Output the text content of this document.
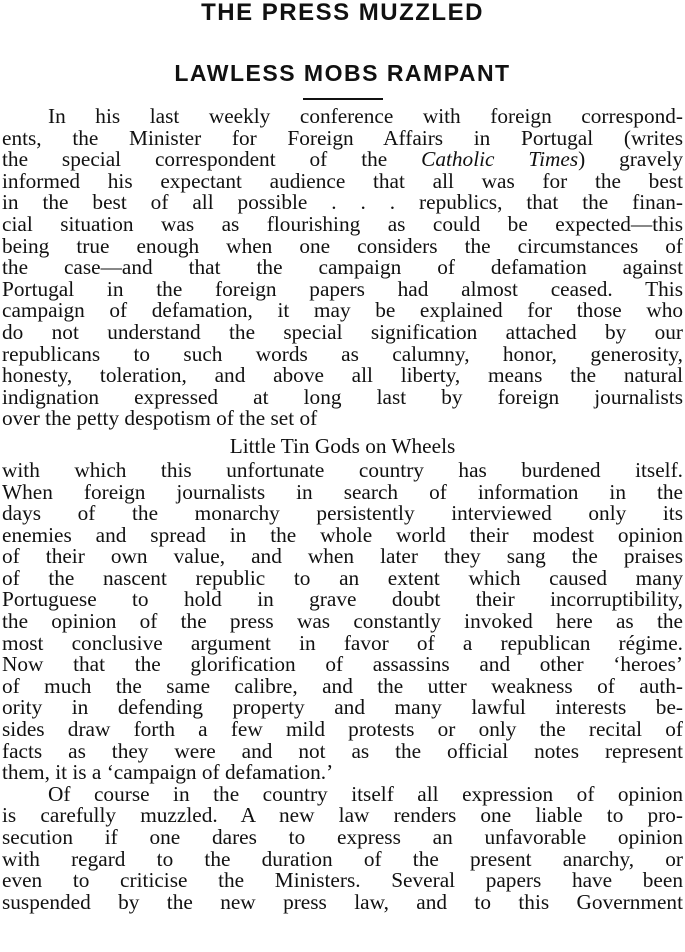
THE PRESS MUZZLED
LAWLESS MOBS RAMPANT
In his last weekly conference with foreign correspond-
ents, the Minister for Foreign Affairs in Portugal (writes
the special correspondent of the Catholic Times) gravely
informed his expectant audience that all was for the best
in the best of all possible . . . republics, that the finan-
cial situation was as flourishing as could be expected—this
being true enough when one considers the circumstances of
the case—and that the campaign of defamation against
Portugal in the foreign papers had almost ceased. This
campaign of defamation, it may be explained for those who
do not understand the special signification attached by our
republicans to such words as calumny, honor, generosity,
honesty, toleration, and above all liberty, means the natural
indignation expressed at long last by foreign journalists
over the petty despotism of the set of
Little Tin Gods on Wheels
with which this unfortunate country has burdened itself.
When foreign journalists in search of information in the
days of the monarchy persistently interviewed only its
enemies and spread in the whole world their modest opinion
of their own value, and when later they sang the praises
of the nascent republic to an extent which caused many
Portuguese to hold in grave doubt their incorruptibility,
the opinion of the press was constantly invoked here as the
most conclusive argument in favor of a republican régime.
Now that the glorification of assassins and other ‘heroes’
of much the same calibre, and the utter weakness of auth-
ority in defending property and many lawful interests be-
sides draw forth a few mild protests or only the recital of
facts as they were and not as the official notes represent
them, it is a ‘campaign of defamation.’
Of course in the country itself all expression of opinion
is carefully muzzled. A new law renders one liable to pro-
secution if one dares to express an unfavorable opinion
with regard to the duration of the present anarchy, or
even to criticise the Ministers. Several papers have been
suspended by the new press law, and to this Government
